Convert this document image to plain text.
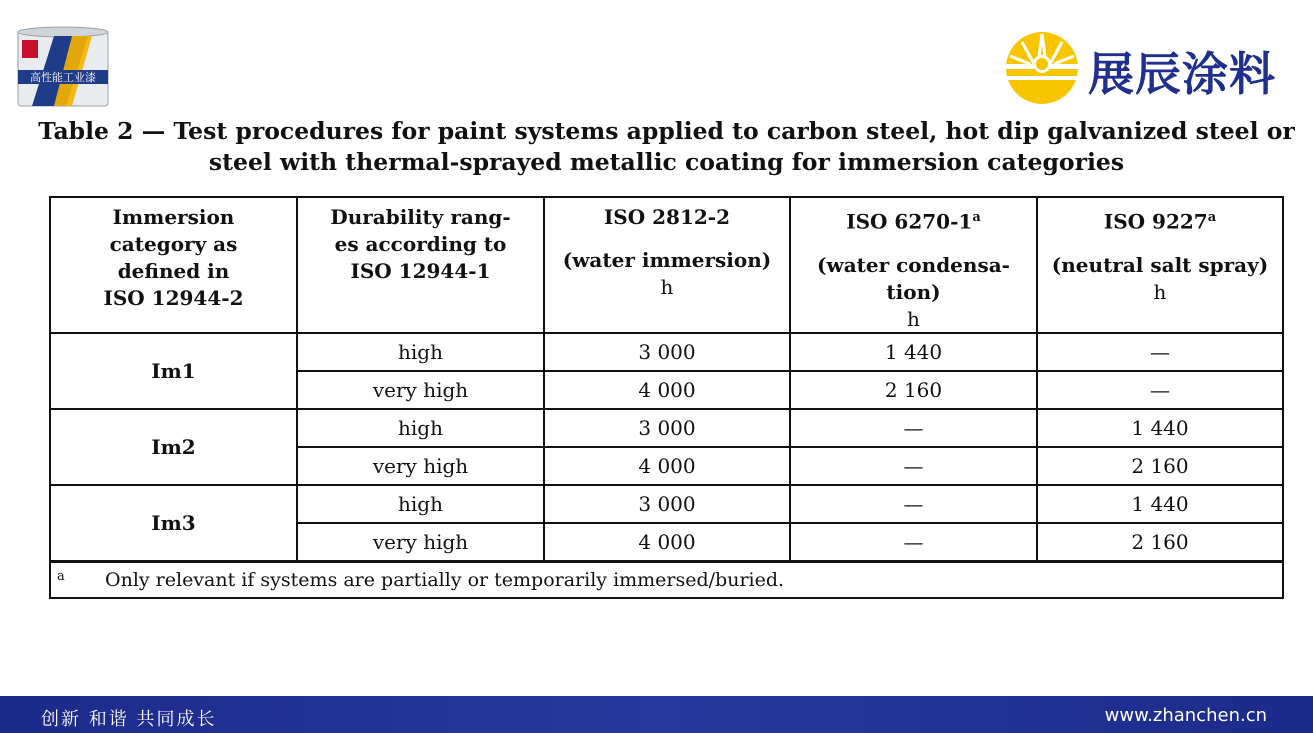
高性能工业漆	展辰涂料
Table 2 — Test procedures for paint systems applied to carbon steel, hot dip galvanized steel or
steel with thermal-sprayed metallic coating for immersion categories
Immersion
category as
defined in
ISO 12944-2	Durability rang-
es according to
ISO 12944-1	ISO 2812-2
(water immersion)
h	ISO 6270-1$^a$
(water condensa-
tion)
h	ISO 9227$^a$
(neutral salt spray)
h

Im1	high	3 000	1 440	—
	very high	4 000	2 160	—
Im2	high	3 000	—	1 440
	very high	4 000	—	2 160
Im3	high	3 000	—	1 440
	very high	4 000	—	2 160
a Only relevant if systems are partially or temporarily immersed/buried.				
创新 和谐 共同成长	www.zhanchen.cn
